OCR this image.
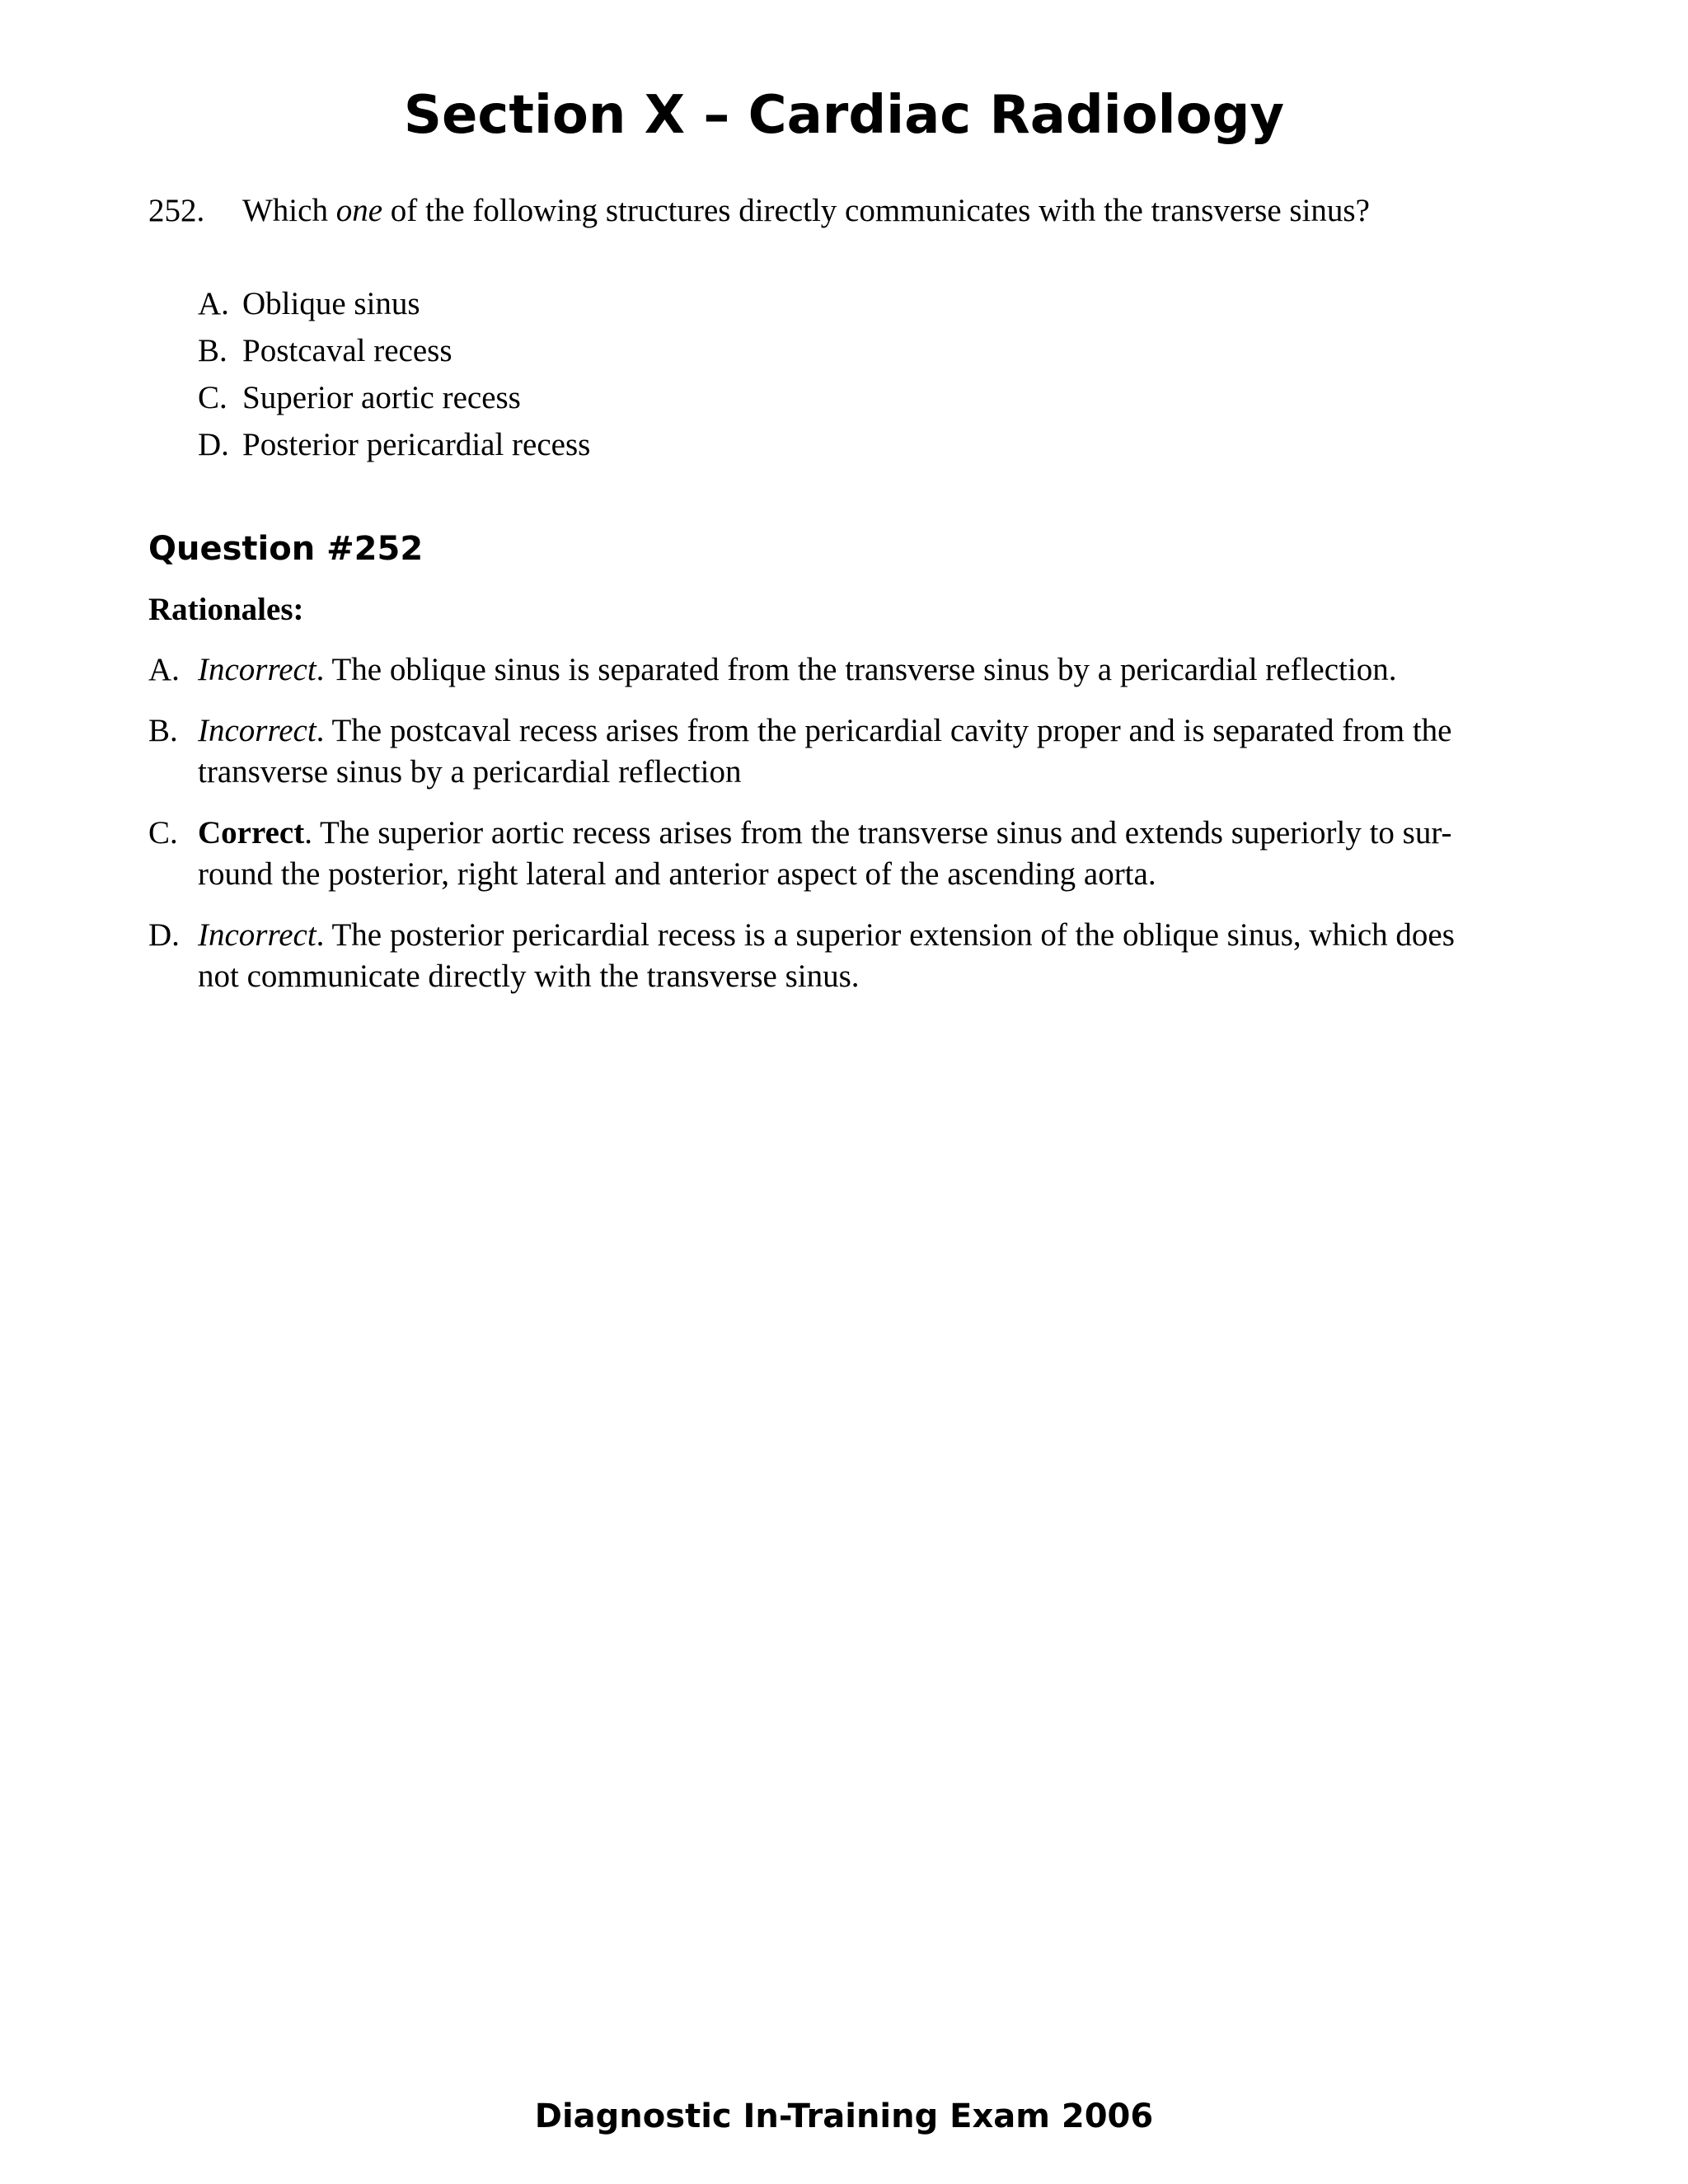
Section X – Cardiac Radiology
252. Which one of the following structures directly communicates with the transverse sinus?
A. Oblique sinus
B. Postcaval recess
C. Superior aortic recess
D. Posterior pericardial recess
Question #252
Rationales:
A. Incorrect. The oblique sinus is separated from the transverse sinus by a pericardial reflection.
B. Incorrect. The postcaval recess arises from the pericardial cavity proper and is separated from the transverse sinus by a pericardial reflection
C. Correct. The superior aortic recess arises from the transverse sinus and extends superiorly to sur-round the posterior, right lateral and anterior aspect of the ascending aorta.
D. Incorrect. The posterior pericardial recess is a superior extension of the oblique sinus, which does not communicate directly with the transverse sinus.
Diagnostic In-Training Exam 2006
